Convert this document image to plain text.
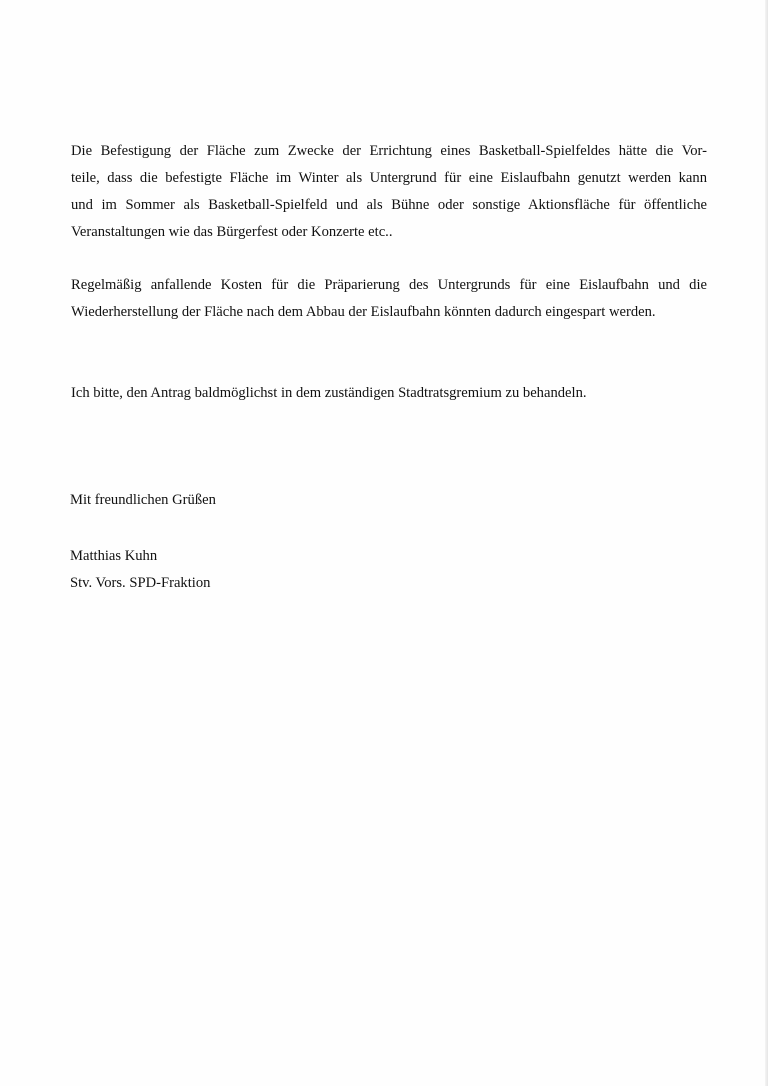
Die Befestigung der Fläche zum Zwecke der Errichtung eines Basketball-Spielfeldes hätte die Vor-
teile, dass die befestigte Fläche im Winter als Untergrund für eine Eislaufbahn genutzt werden kann
und im Sommer als Basketball-Spielfeld und als Bühne oder sonstige Aktionsfläche für öffentliche
Veranstaltungen wie das Bürgerfest oder Konzerte etc..
Regelmäßig anfallende Kosten für die Präparierung des Untergrunds für eine Eislaufbahn und die
Wiederherstellung der Fläche nach dem Abbau der Eislaufbahn könnten dadurch eingespart werden.
Ich bitte, den Antrag baldmöglichst in dem zuständigen Stadtratsgremium zu behandeln.

Mit freundlichen Grüßen

Matthias Kuhn

Stv. Vors. SPD-Fraktion
